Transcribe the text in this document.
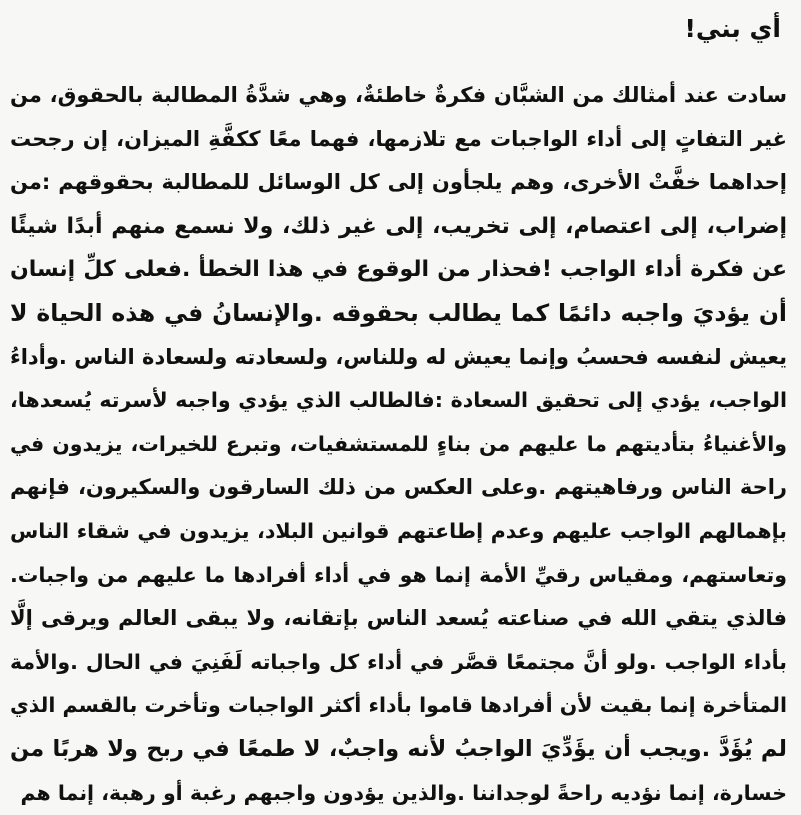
أي بني!
سادت عند أمثالك من الشبَّان فكرةٌ خاطئةٌ، وهي شدَّةُ المطالبة بالحقوق، من
غير التفاتٍ إلى أداء الواجبات مع تلازمها، فهما معًا ككفَّةِ الميزان، إن رجحت
إحداهما خفَّتْ الأخرى، وهم يلجأون إلى كل الوسائل للمطالبة بحقوقهم :من
إضراب، إلى اعتصام، إلى تخريب، إلى غير ذلك، ولا نسمع منهم أبدًا شيئًا
عن فكرة أداء الواجب !فحذار من الوقوع في هذا الخطأ .فعلى كلِّ إنسان
أن يؤديَ واجبه دائمًا كما يطالب بحقوقه .والإنسانُ في هذه الحياة لا
يعيش لنفسه فحسبُ وإنما يعيش له وللناس، ولسعادته ولسعادة الناس .وأداءُ
الواجب، يؤدي إلى تحقيق السعادة :فالطالب الذي يؤدي واجبه لأسرته يُسعدها،
والأغنياءُ بتأديتهم ما عليهم من بناءٍ للمستشفيات، وتبرع للخيرات، يزيدون في
راحة الناس ورفاهيتهم .وعلى العكس من ذلك السارقون والسكيرون، فإنهم
بإهمالهم الواجب عليهم وعدم إطاعتهم قوانين البلاد، يزيدون في شقاء الناس
وتعاستهم، ومقياس رقيِّ الأمة إنما هو في أداء أفرادها ما عليهم من واجبات.
فالذي يتقي الله في صناعته يُسعد الناس بإتقانه، ولا يبقى العالم ويرقى إلَّا
بأداء الواجب .ولو أنَّ مجتمعًا قصَّر في أداء كل واجباته لَفَنِيَ في الحال .والأمة
المتأخرة إنما بقيت لأن أفرادها قاموا بأداء أكثر الواجبات وتأخرت بالقسم الذي
لم يُؤَدَّ .ويجب أن يؤَدِّيَ الواجبُ لأنه واجبٌ، لا طمعًا في ربح ولا هربًا من
خسارة، إنما نؤديه راحةً لوجداننا .والذين يؤدون واجبهم رغبة أو رهبة، إنما هم
